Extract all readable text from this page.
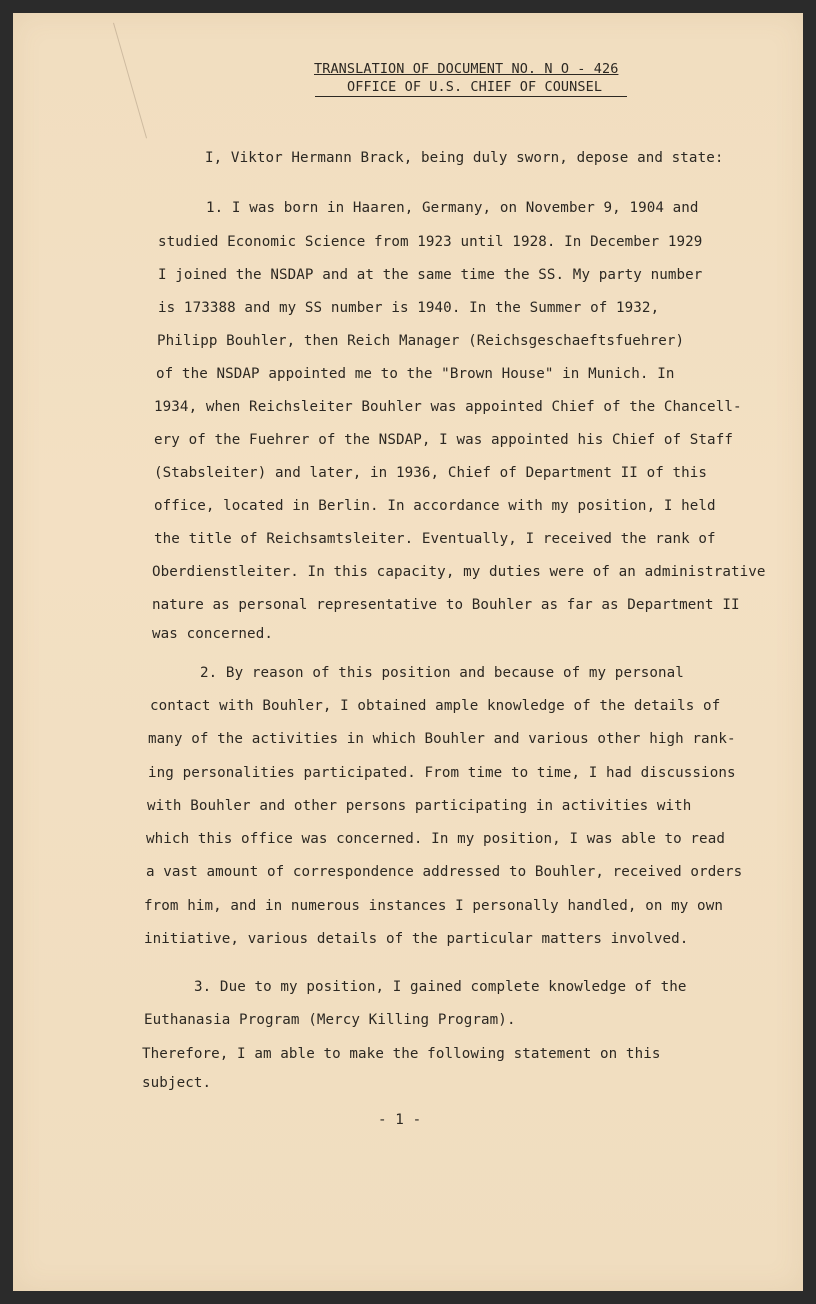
TRANSLATION OF DOCUMENT NO. N O - 426
OFFICE OF U.S. CHIEF OF COUNSEL
I, Viktor Hermann Brack, being duly sworn, depose and state:
1. I was born in Haaren, Germany, on November 9, 1904 and
studied Economic Science from 1923 until 1928. In December 1929
I joined the NSDAP and at the same time the SS. My party number
is 173388 and my SS number is 1940. In the Summer of 1932,
Philipp Bouhler, then Reich Manager (Reichsgeschaeftsfuehrer)
of the NSDAP appointed me to the "Brown House" in Munich. In
1934, when Reichsleiter Bouhler was appointed Chief of the Chancell-
ery of the Fuehrer of the NSDAP, I was appointed his Chief of Staff
(Stabsleiter) and later, in 1936, Chief of Department II of this
office, located in Berlin. In accordance with my position, I held
the title of Reichsamtsleiter. Eventually, I received the rank of
Oberdienstleiter. In this capacity, my duties were of an administrative
nature as personal representative to Bouhler as far as Department II
was concerned.
2. By reason of this position and because of my personal
contact with Bouhler, I obtained ample knowledge of the details of
many of the activities in which Bouhler and various other high rank-
ing personalities participated. From time to time, I had discussions
with Bouhler and other persons participating in activities with
which this office was concerned. In my position, I was able to read
a vast amount of correspondence addressed to Bouhler, received orders
from him, and in numerous instances I personally handled, on my own
initiative, various details of the particular matters involved.
3. Due to my position, I gained complete knowledge of the
Euthanasia Program (Mercy Killing Program).
Therefore, I am able to make the following statement on this
subject.
- 1 -
